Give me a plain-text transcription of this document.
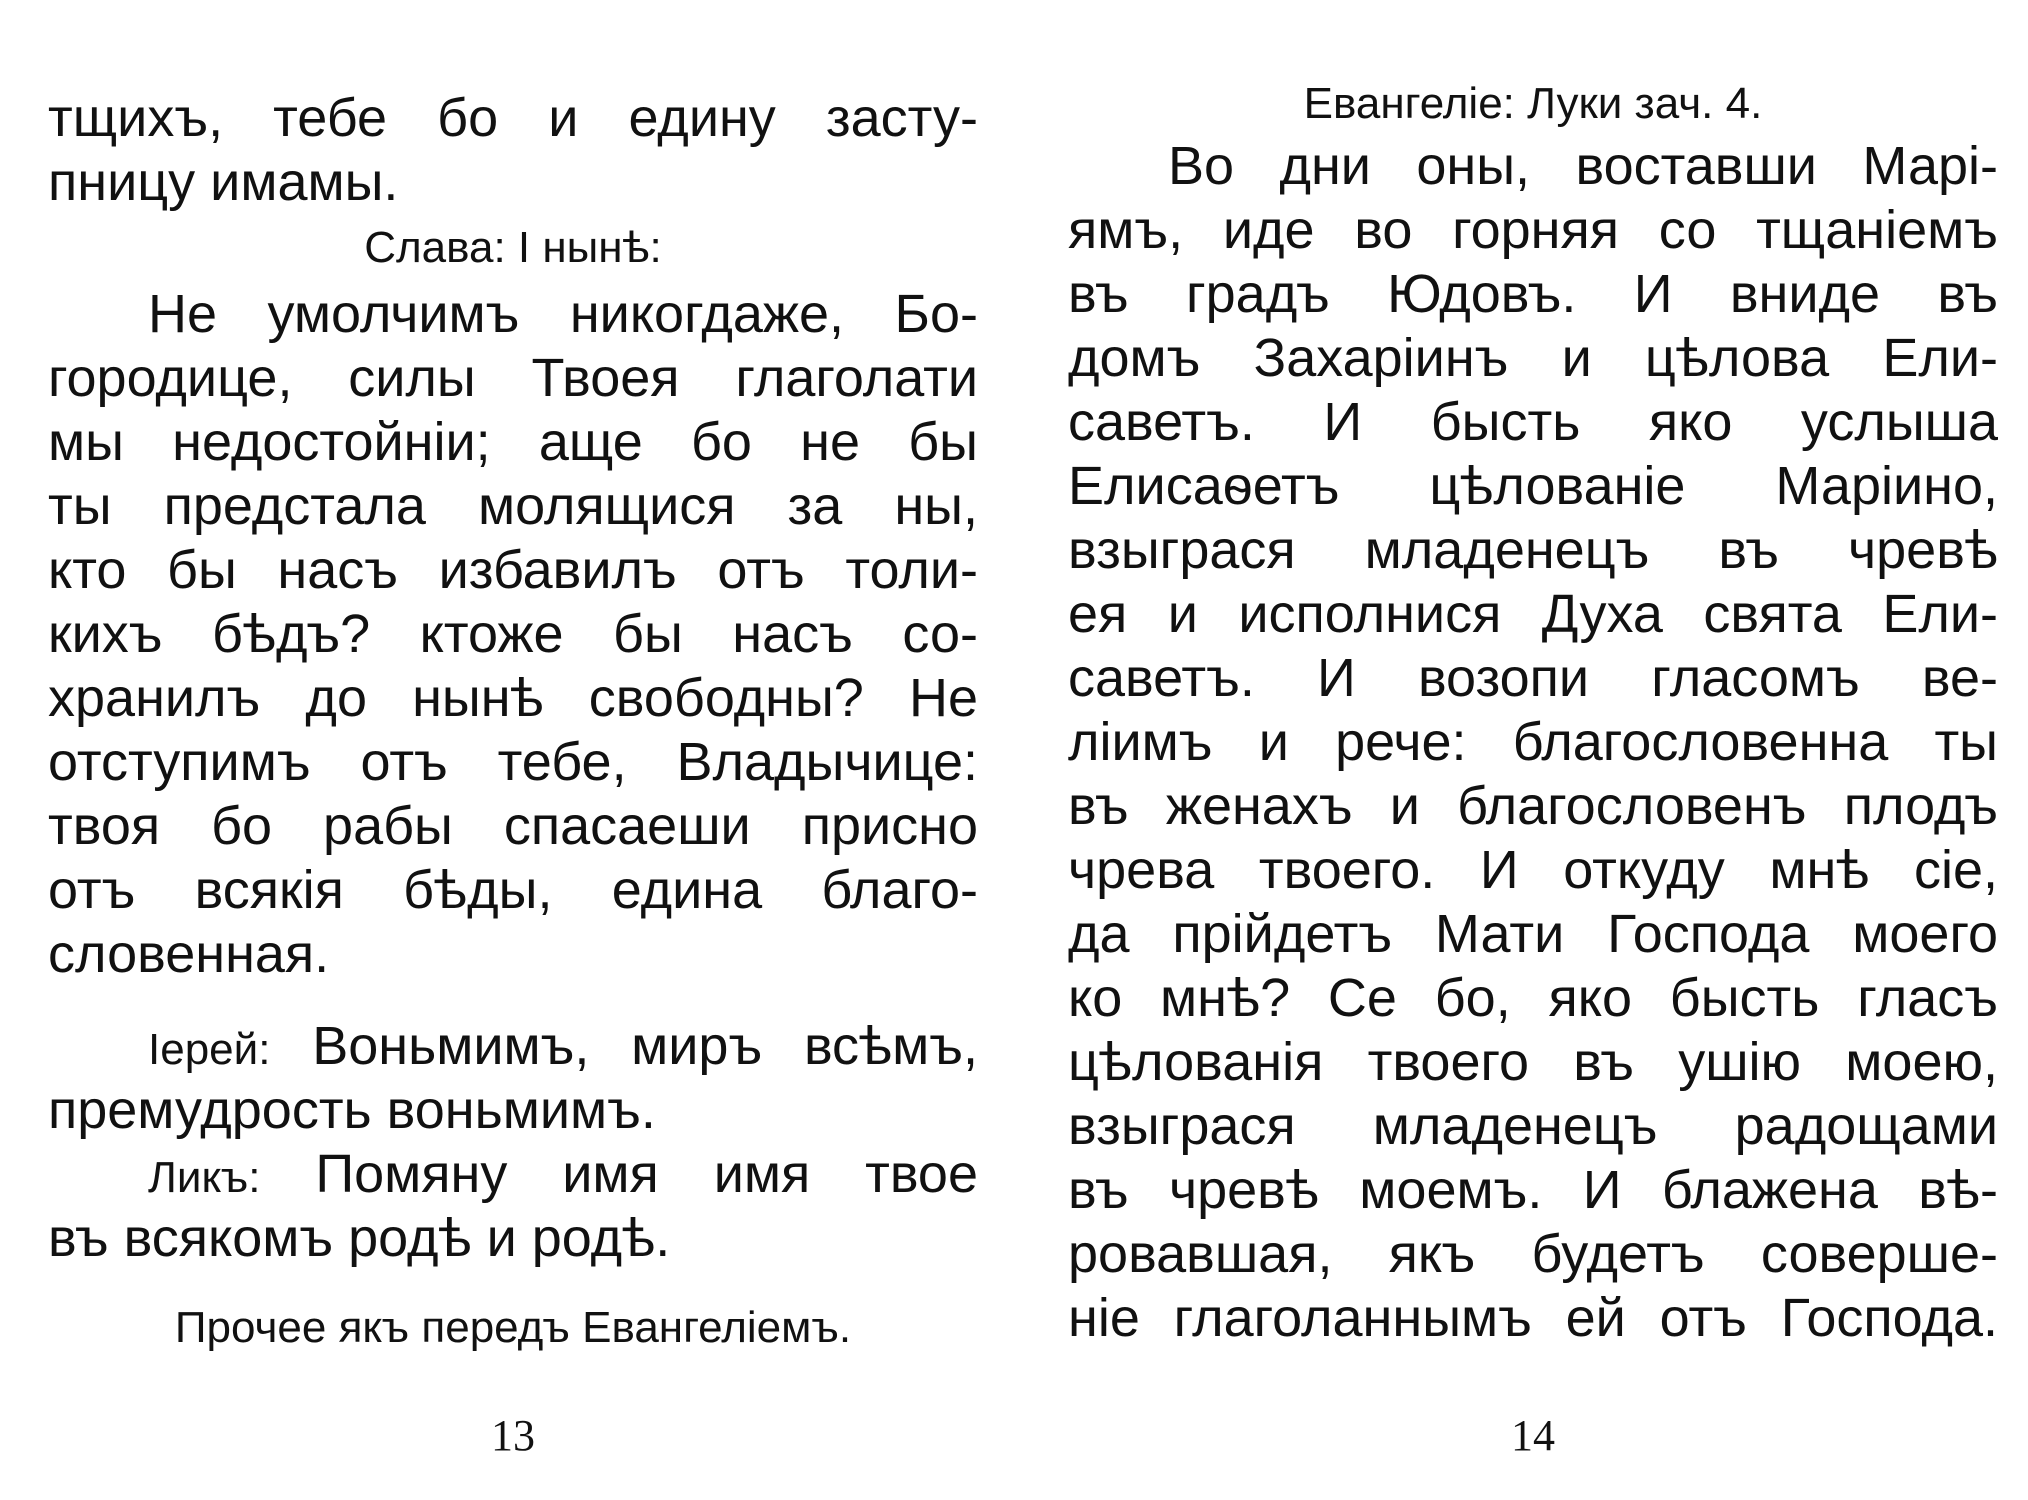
тщихъ, тебе бо и едину засту-
пницу имамы.
Слава: І нынѣ:
Не умолчимъ никогдаже, Бо-
городице, силы Твоея глаголати
мы недостойніи; аще бо не бы
ты предстала молящися за ны,
кто бы насъ избавилъ отъ толи-
кихъ бѣдъ? ктоже бы насъ со-
хранилъ до нынѣ свободны? Не
отступимъ отъ тебе, Владычице:
твоя бо рабы спасаеши присно
отъ всякія бѣды, едина благо-
словенная.
Іерей: Воньмимъ, миръ всѣмъ,
премудрость воньмимъ.
Ликъ: Помяну имя имя твое
въ всякомъ родѣ и родѣ.
Прочее якъ передъ Евангеліемъ.
13
Евангеліе: Луки зач. 4.
Во дни оны, воставши Марі-
ямъ, иде во горняя со тщаніемъ
въ градъ Юдовъ. И вниде въ
домъ Захаріинъ и цѣлова Ели-
саветъ. И бысть яко услыша
Елисаѳетъ цѣлованіе Маріино,
взыграся младенецъ въ чревѣ
ея и исполнися Духа свята Ели-
саветъ. И возопи гласомъ ве-
ліимъ и рече: благословенна ты
въ женахъ и благословенъ плодъ
чрева твоего. И откуду мнѣ сіе,
да прійдетъ Мати Господа моего
ко мнѣ? Се бо, яко бысть гласъ
цѣлованія твоего въ ушію моею,
взыграся младенецъ радощами
въ чревѣ моемъ. И блажена вѣ-
ровавшая, якъ будетъ соверше-
ніе глаголаннымъ ей отъ Господа.
14
